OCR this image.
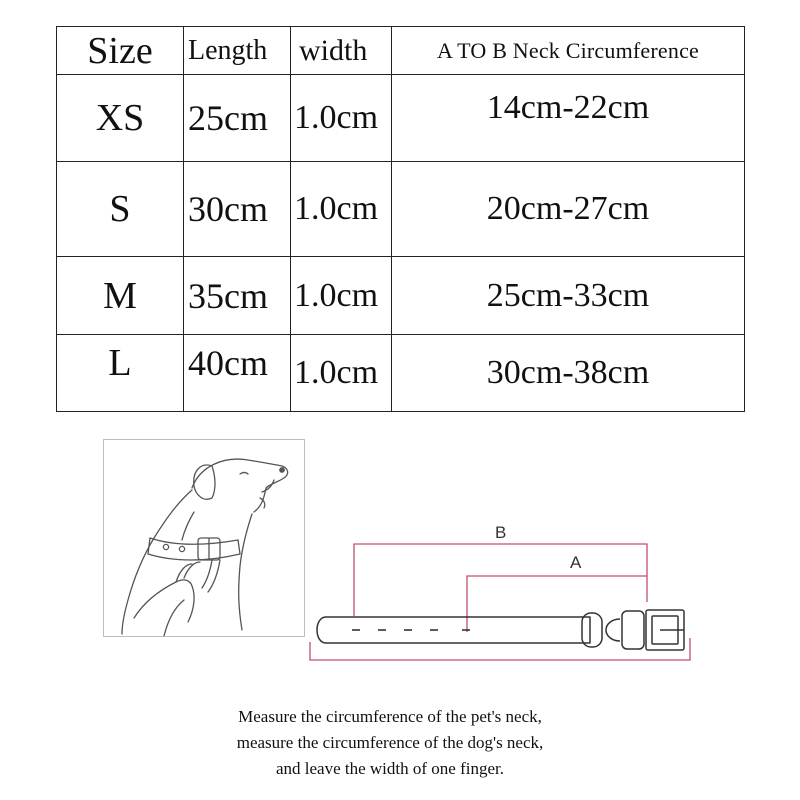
Size	Length	width	A TO B Neck Circumference
XS	25cm	1.0cm	14cm-22cm
S	30cm	1.0cm	20cm-27cm
M	35cm	1.0cm	25cm-33cm
L	40cm	1.0cm	30cm-38cm
B
A
Measure the circumference of the pet's neck,
measure the circumference of the dog's neck,
and leave the width of one finger.
